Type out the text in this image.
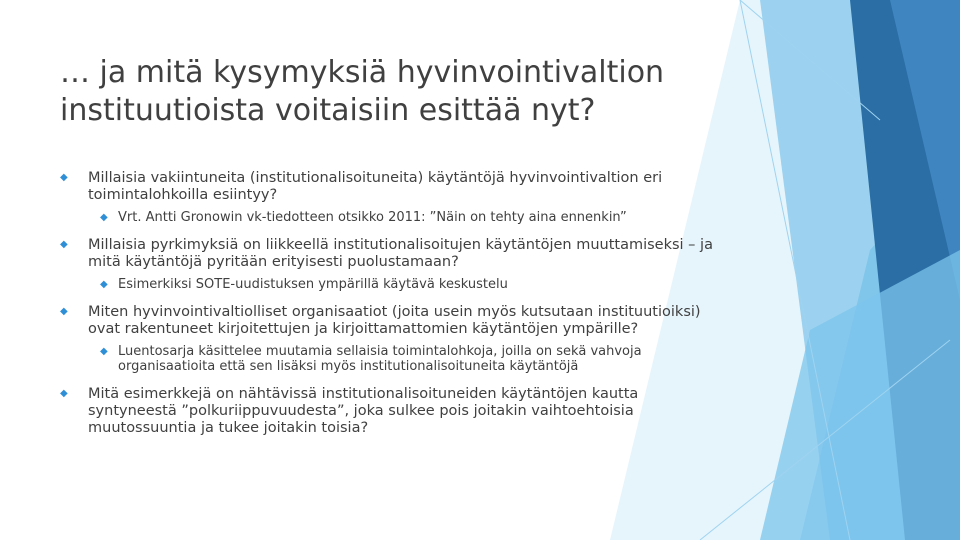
… ja mitä kysymyksiä hyvinvointivaltion
instituutioista voitaisiin esittää nyt?
◆ Millaisia vakiintuneita (institutionalisoituneita) käytäntöjä hyvinvointivaltion eri toimintalohkoilla esiintyy?
◆ Vrt. Antti Gronowin vk-tiedotteen otsikko 2011: ”Näin on tehty aina ennenkin”
◆ Millaisia pyrkimyksiä on liikkeellä institutionalisoitujen käytäntöjen muuttamiseksi – ja mitä käytäntöjä pyritään erityisesti puolustamaan?
◆ Esimerkiksi SOTE-uudistuksen ympärillä käytävä keskustelu
◆ Miten hyvinvointivaltiolliset organisaatiot (joita usein myös kutsutaan instituutioiksi) ovat rakentuneet kirjoitettujen ja kirjoittamattomien käytäntöjen ympärille?
◆ Luentosarja käsittelee muutamia sellaisia toimintalohkoja, joilla on sekä vahvoja organisaatioita että sen lisäksi myös institutionalisoituneita käytäntöjä
◆ Mitä esimerkkejä on nähtävissä institutionalisoituneiden käytäntöjen kautta syntyneestä ”polkuriippuvuudesta”, joka sulkee pois joitakin vaihtoehtoisia muutossuuntia ja tukee joitakin toisia?
